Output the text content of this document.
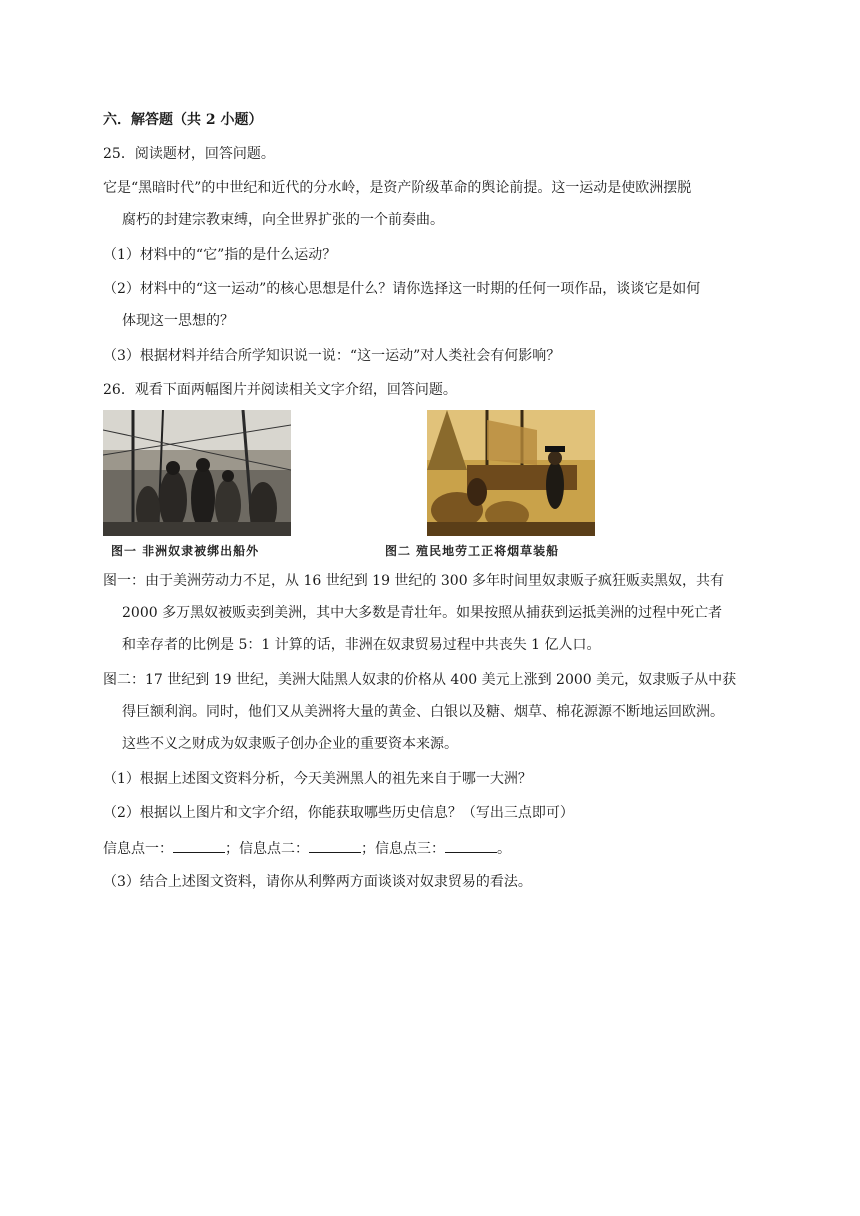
六．解答题（共 2 小题）
25．阅读题材，回答问题。
它是“黑暗时代”的中世纪和近代的分水岭，是资产阶级革命的舆论前提。这一运动是使欧洲摆脱
腐朽的封建宗教束缚，向全世界扩张的一个前奏曲。
（1）材料中的“它”指的是什么运动？
（2）材料中的“这一运动”的核心思想是什么？请你选择这一时期的任何一项作品，谈谈它是如何
体现这一思想的？
（3）根据材料并结合所学知识说一说：“这一运动”对人类社会有何影响？
26．观看下面两幅图片并阅读相关文字介绍，回答问题。
图一 非洲奴隶被绑出船外	图二 殖民地劳工正将烟草装船
图一：由于美洲劳动力不足，从 16 世纪到 19 世纪的 300 多年时间里奴隶贩子疯狂贩卖黑奴，共有
2000 多万黑奴被贩卖到美洲，其中大多数是青壮年。如果按照从捕获到运抵美洲的过程中死亡者
和幸存者的比例是 5：1 计算的话，非洲在奴隶贸易过程中共丧失 1 亿人口。
图二：17 世纪到 19 世纪，美洲大陆黑人奴隶的价格从 400 美元上涨到 2000 美元，奴隶贩子从中获
得巨额利润。同时，他们又从美洲将大量的黄金、白银以及糖、烟草、棉花源源不断地运回欧洲。
这些不义之财成为奴隶贩子创办企业的重要资本来源。
（1）根据上述图文资料分析，今天美洲黑人的祖先来自于哪一大洲？
（2）根据以上图片和文字介绍，你能获取哪些历史信息？（写出三点即可）
信息点一：	；信息点二：	；信息点三：	。
（3）结合上述图文资料，请你从利弊两方面谈谈对奴隶贸易的看法。
